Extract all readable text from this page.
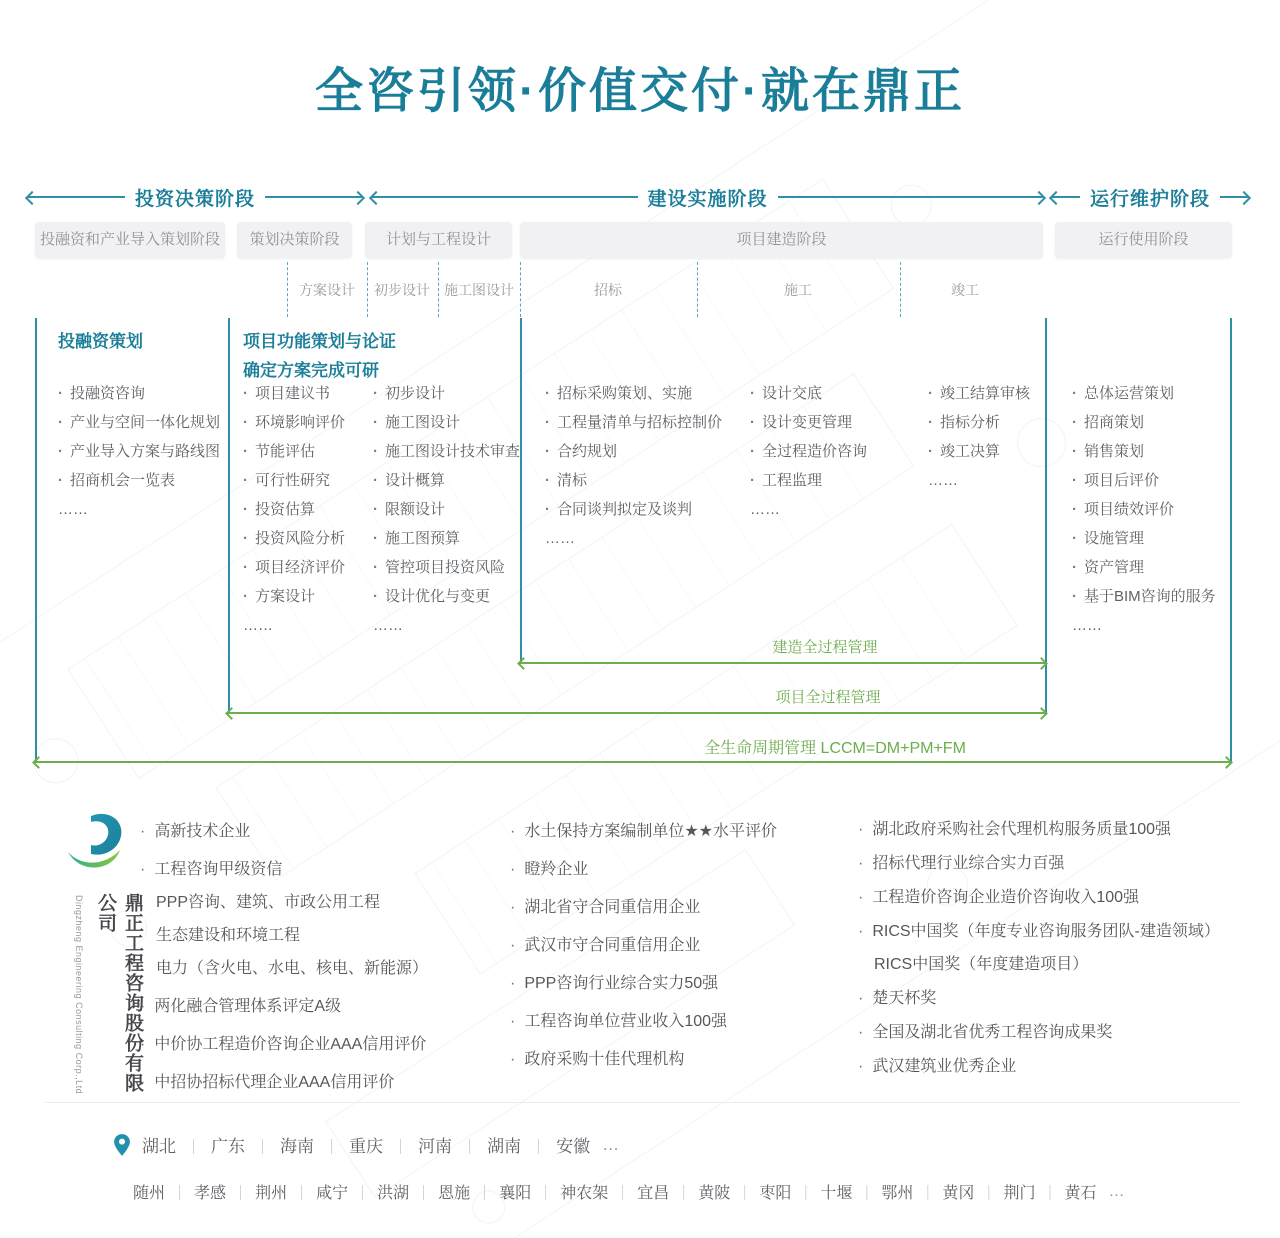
全咨引领·价值交付·就在鼎正
投资决策阶段	建设实施阶段	运行维护阶段
投融资和产业导入策划阶段	策划决策阶段	计划与工程设计	项目建造阶段	运行使用阶段
方案设计 初步设计 施工图设计	招标	施工	竣工
投融资策划	项目功能策划与论证
确定方案完成可研
· 投融资咨询
· 产业与空间一体化规划
· 产业导入方案与路线图
· 招商机会一览表
……
· 项目建议书
· 环境影响评价
· 节能评估
· 可行性研究
· 投资估算
· 投资风险分析
· 项目经济评价
· 方案设计
……
· 初步设计
· 施工图设计
· 施工图设计技术审查
· 设计概算
· 限额设计
· 施工图预算
· 管控项目投资风险
· 设计优化与变更
……
· 招标采购策划、实施
· 工程量清单与招标控制价
· 合约规划
· 清标
· 合同谈判拟定及谈判
……
· 设计交底
· 设计变更管理
· 全过程造价咨询
· 工程监理
……
· 竣工结算审核
· 指标分析
· 竣工决算
……
· 总体运营策划
· 招商策划
· 销售策划
· 项目后评价
· 项目绩效评价
· 设施管理
· 资产管理
· 基于BIM咨询的服务
……
建造全过程管理
项目全过程管理
全生命周期管理 LCCM=DM+PM+FM
鼎正工程咨询股份有限公司
Dingzheng Engineering Consulting Corp.,Ltd
· 高新技术企业
· 工程咨询甲级资信
PPP咨询、建筑、市政公用工程
生态建设和环境工程
电力（含火电、水电、核电、新能源）
· 两化融合管理体系评定A级
· 中价协工程造价咨询企业AAA信用评价
· 中招协招标代理企业AAA信用评价
· 水土保持方案编制单位★★水平评价
· 瞪羚企业
· 湖北省守合同重信用企业
· 武汉市守合同重信用企业
· PPP咨询行业综合实力50强
· 工程咨询单位营业收入100强
· 政府采购十佳代理机构
· 湖北政府采购社会代理机构服务质量100强
· 招标代理行业综合实力百强
· 工程造价咨询企业造价咨询收入100强
· RICS中国奖（年度专业咨询服务团队-建造领域）
RICS中国奖（年度建造项目）
· 楚天杯奖
· 全国及湖北省优秀工程咨询成果奖
· 武汉建筑业优秀企业
湖北 ｜ 广东 ｜ 海南 ｜ 重庆 ｜ 河南 ｜ 湖南 ｜ 安徽 …
随州 ｜ 孝感 ｜ 荆州 ｜ 咸宁 ｜ 洪湖 ｜ 恩施 ｜ 襄阳 ｜ 神农架 ｜ 宜昌 ｜ 黄陂 ｜ 枣阳 ｜ 十堰 ｜ 鄂州 ｜ 黄冈 ｜ 荆门 ｜ 黄石 …
